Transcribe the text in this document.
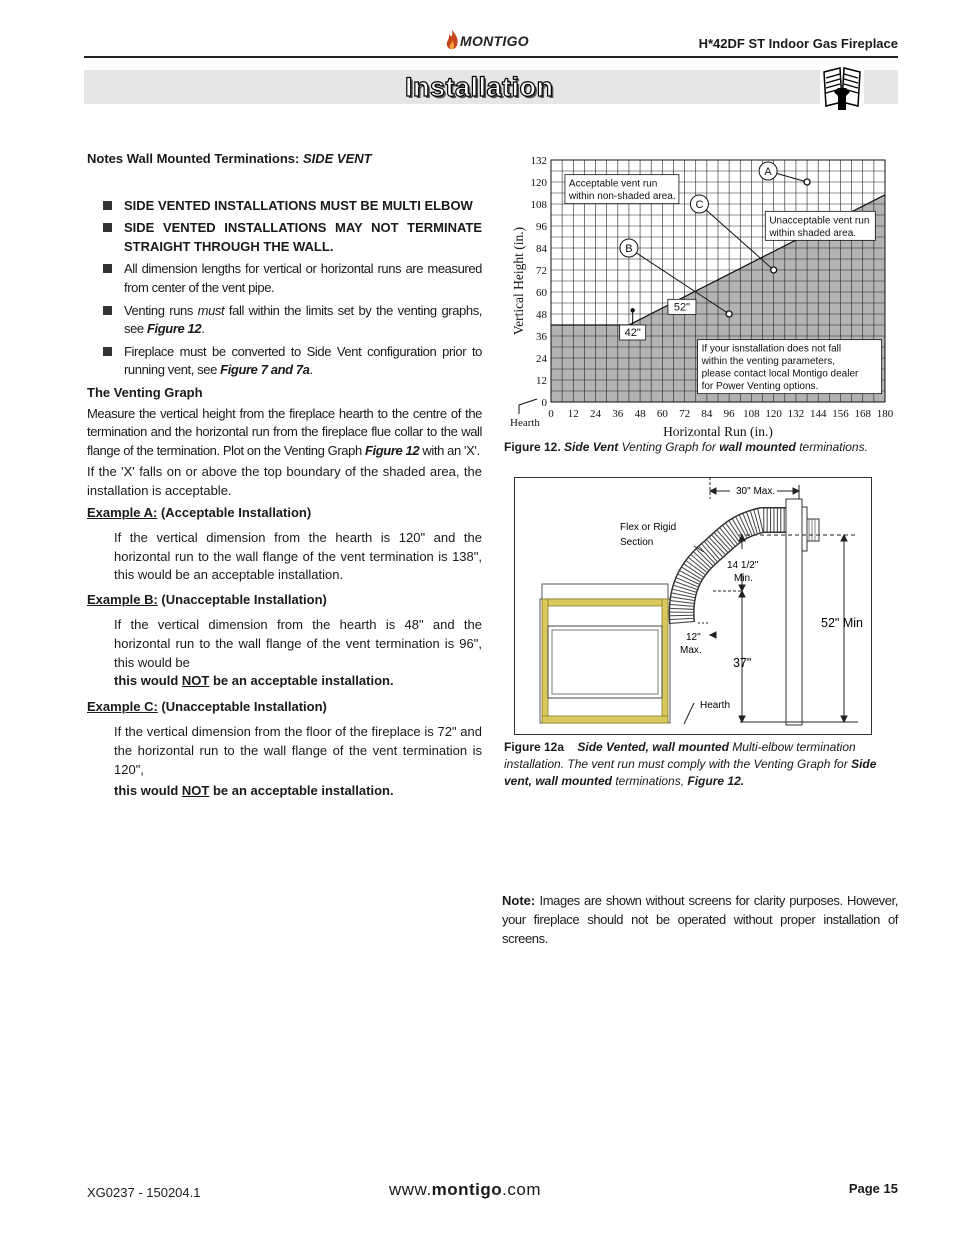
MONTIGO	H*42DF ST Indoor Gas Fireplace
Installation

Notes Wall Mounted Terminations: SIDE VENT

SIDE VENTED INSTALLATIONS MUST BE MULTI ELBOW
SIDE VENTED INSTALLATIONS MAY NOT TERMINATE STRAIGHT THROUGH THE WALL.
All dimension lengths for vertical or horizontal runs are measured from center of the vent pipe.
Venting runs must fall within the limits set by the venting graphs, see Figure 12.
Fireplace must be converted to Side Vent configuration prior to running vent, see Figure 7 and 7a.

The Venting Graph

Measure the vertical height from the fireplace hearth to the centre of the termination and the horizontal run from the fireplace flue collar to the wall flange of the termination. Plot on the Venting Graph Figure 12 with an 'X'.

If the 'X' falls on or above the top boundary of the shaded area, the installation is acceptable.

Example A: (Acceptable Installation)

If the vertical dimension from the hearth is 120" and the horizontal run to the wall flange of the vent termination is 138", this would be an acceptable installation.

Example B: (Unacceptable Installation)

If the vertical dimension from the hearth is 48" and the horizontal run to the wall flange of the vent termination is 96", this would be

this would NOT be an acceptable installation.

Example C: (Unacceptable Installation)

If the vertical dimension from the floor of the fireplace is 72" and the horizontal run to the wall flange of the vent termination is 120",

this would NOT be an acceptable installation.

0 12 24 36 48 60 72 84 96 108 120 132 144 156 168 180
0
12
24
36
48
60
72
84
96
108
120
132
Horizontal Run (in.)
Vertical Height (in.)
Hearth
A
B
C
42"
52"
Acceptable vent run
within non-shaded area.
Unacceptable vent run
within shaded area.
If your isnstallation does not fall
within the venting parameters,
please contact local Montigo dealer
for Power Venting options.
Figure 12. Side Vent Venting Graph for wall mounted terminations.
30" Max.
Flex or Rigid
Section
14 1/2"
Min.
12"
Max.
52" Min
37"
Hearth
Figure 12a Side Vented, wall mounted Multi-elbow termination installation. The vent run must comply with the Venting Graph for Side vent, wall mounted terminations, Figure 12.
Note: Images are shown without screens for clarity purposes. However, your fireplace should not be operated without proper installation of screens.
XG0237 - 150204.1	www.montigo.com	Page 15
